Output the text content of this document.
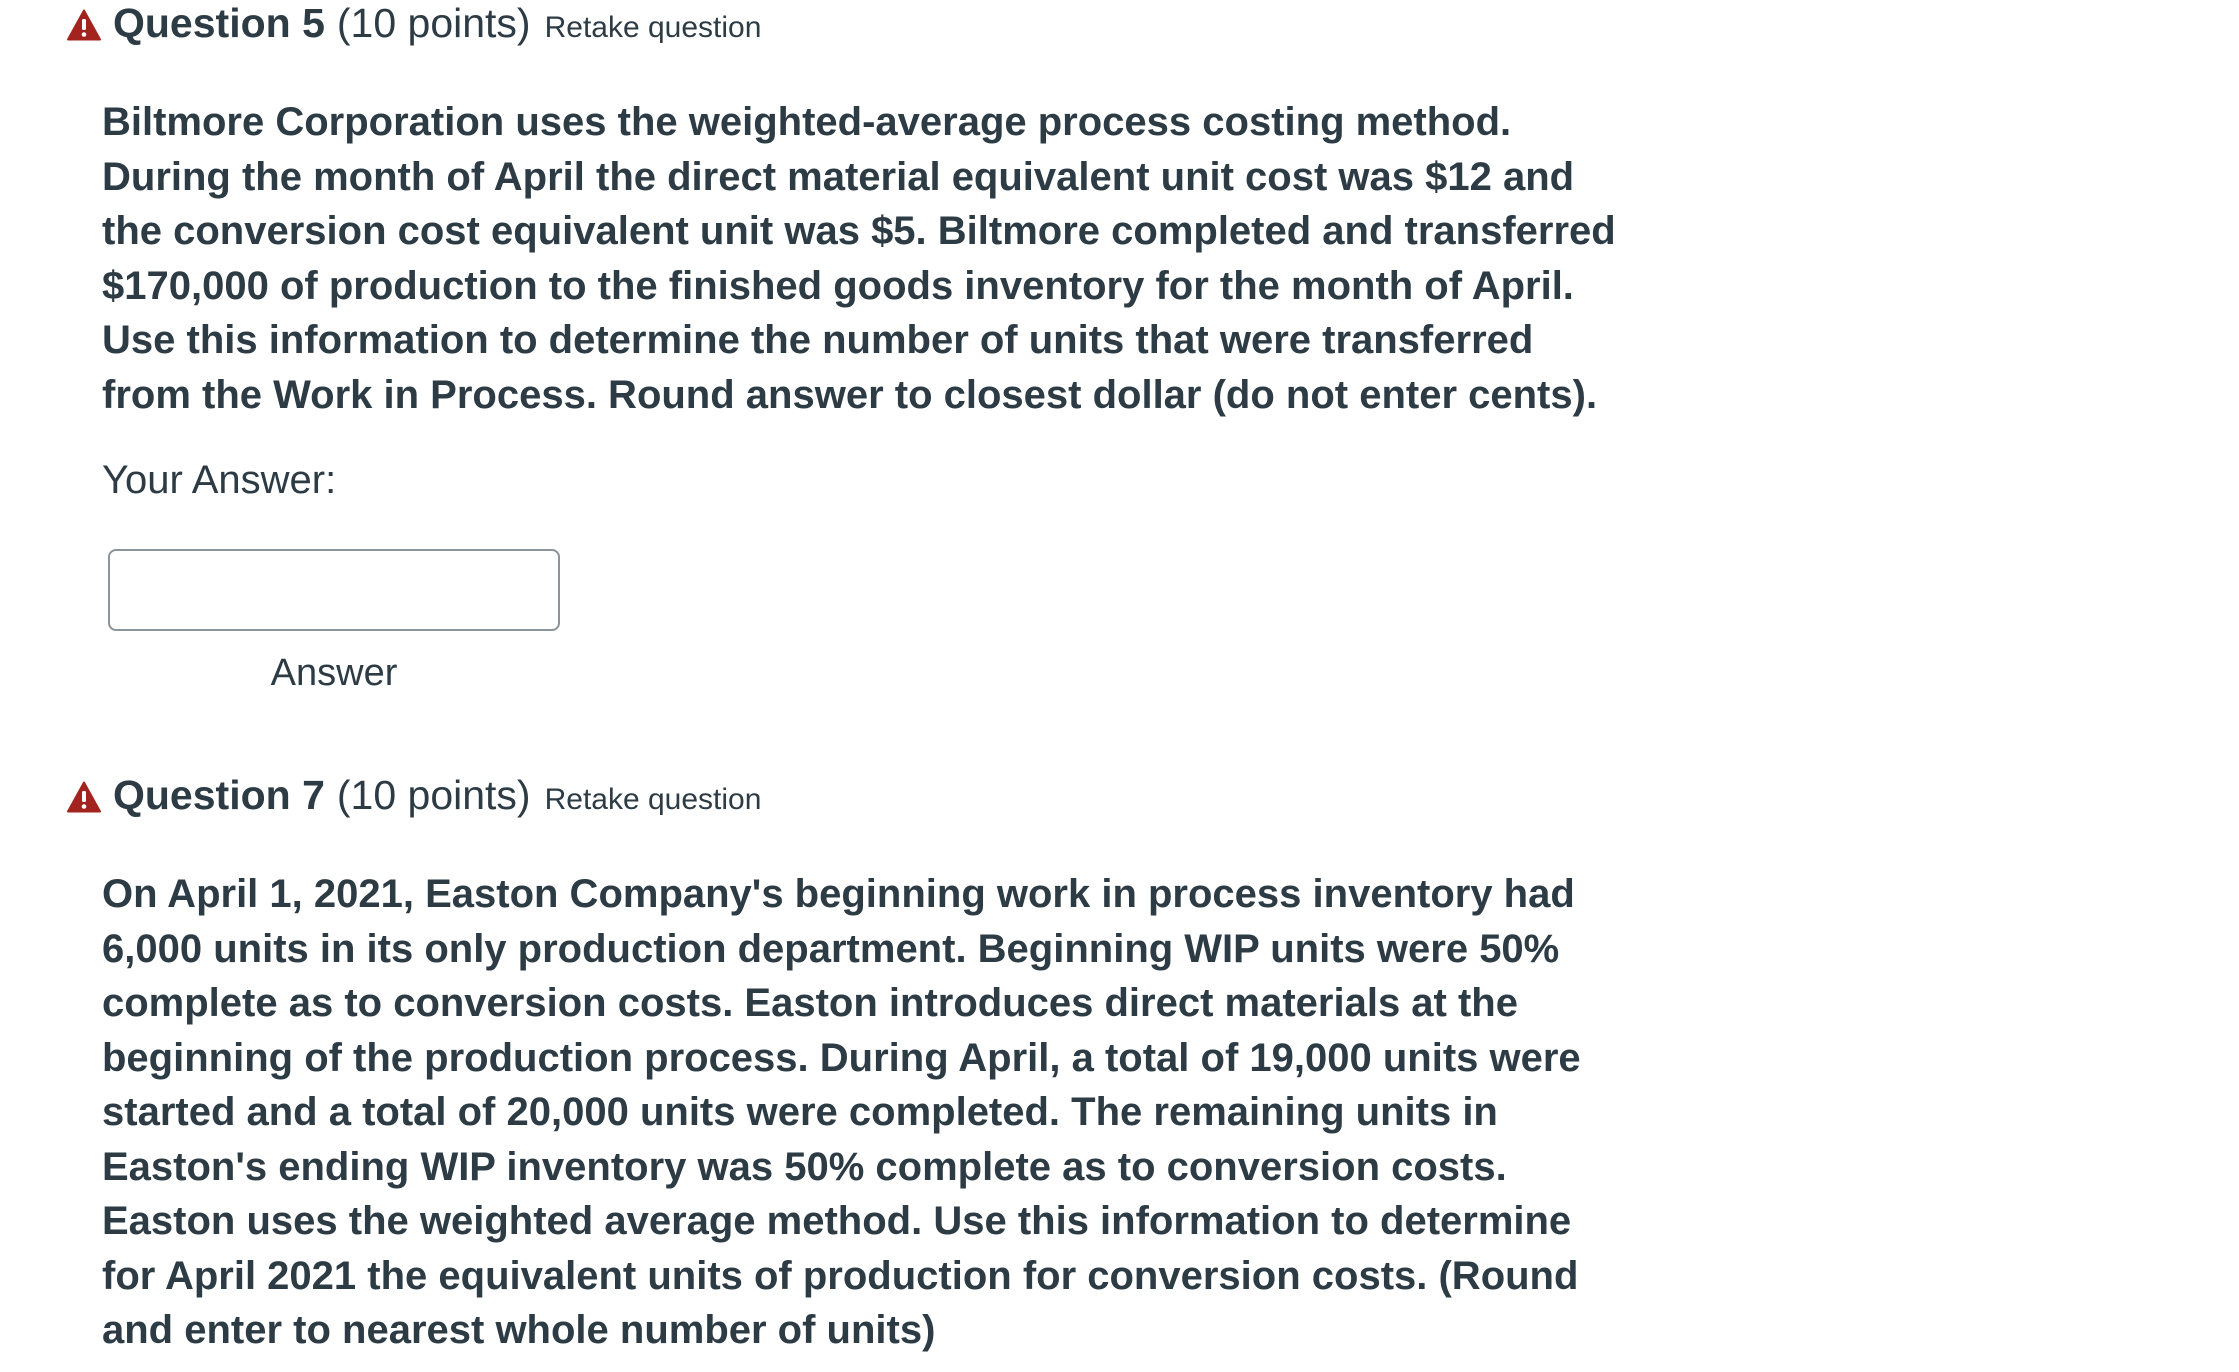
Question 5 (10 points) Retake question

Biltmore Corporation uses the weighted-average process costing method. During the month of April the direct material equivalent unit cost was $12 and the conversion cost equivalent unit was $5. Biltmore completed and transferred $170,000 of production to the finished goods inventory for the month of April. Use this information to determine the number of units that were transferred from the Work in Process. Round answer to closest dollar (do not enter cents).

Your Answer:
Answer
Question 7 (10 points) Retake question

On April 1, 2021, Easton Company's beginning work in process inventory had 6,000 units in its only production department. Beginning WIP units were 50% complete as to conversion costs. Easton introduces direct materials at the beginning of the production process. During April, a total of 19,000 units were started and a total of 20,000 units were completed. The remaining units in Easton's ending WIP inventory was 50% complete as to conversion costs. Easton uses the weighted average method. Use this information to determine for April 2021 the equivalent units of production for conversion costs. (Round and enter to nearest whole number of units)
